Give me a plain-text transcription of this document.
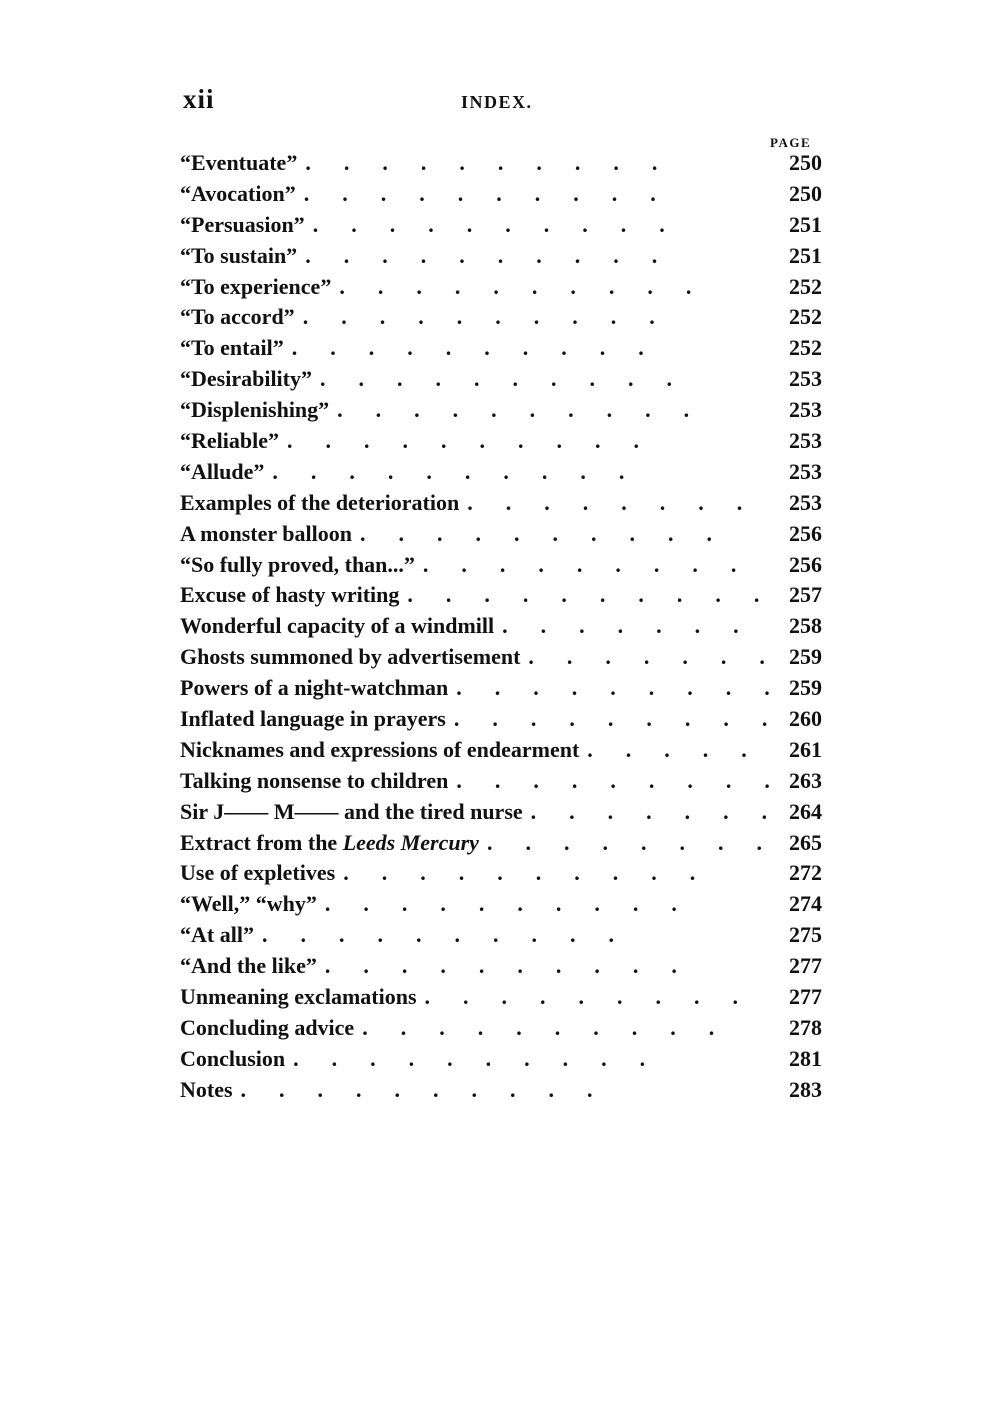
xii	INDEX.
PAGE
“Eventuate” .	250
“Avocation” .	250
“Persuasion” .	251
“To sustain” .	251
“To experience” .	252
“To accord” .	252
“To entail” .	252
“Desirability” .	253
“Displenishing” .	253
“Reliable” .	253
“Allude” .	253
Examples of the deterioration .	253
A monster balloon .	256
“So fully proved, than...” .	256
Excuse of hasty writing .	257
Wonderful capacity of a windmill .	258
Ghosts summoned by advertisement .	259
Powers of a night-watchman .	259
Inflated language in prayers .	260
Nicknames and expressions of endearment .	261
Talking nonsense to children .	263
Sir J—— M—— and the tired nurse .	264
Extract from the Leeds Mercury .	265
Use of expletives .	272
“Well,” “why” .	274
“At all” .	275
“And the like” .	277
Unmeaning exclamations .	277
Concluding advice .	278
Conclusion .	281
Notes .	283
